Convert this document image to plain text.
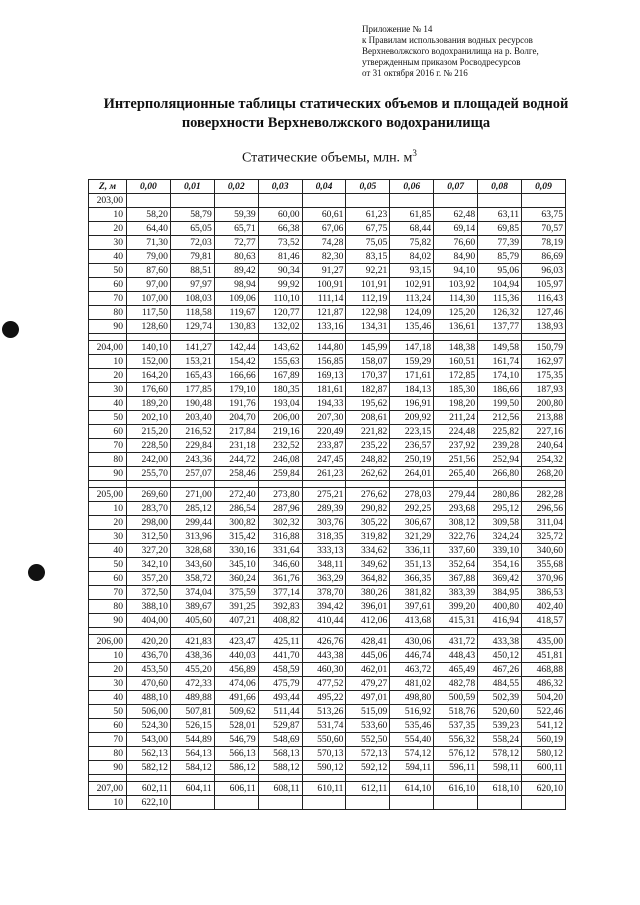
Приложение № 14
к Правилам использования водных ресурсов
Верхневолжского водохранилища на р. Волге,
утвержденным приказом Росводресурсов
от 31 октября 2016 г. № 216
Интерполяционные таблицы статических объемов и площадей водной
поверхности Верхневолжского водохранилища
Статические объемы, млн. $м^3$
Z, м	0,00	0,01	0,02	0,03	0,04	0,05	0,06	0,07	0,08	0,09
203,00										
10	58,20	58,79	59,39	60,00	60,61	61,23	61,85	62,48	63,11	63,75
20	64,40	65,05	65,71	66,38	67,06	67,75	68,44	69,14	69,85	70,57
30	71,30	72,03	72,77	73,52	74,28	75,05	75,82	76,60	77,39	78,19
40	79,00	79,81	80,63	81,46	82,30	83,15	84,02	84,90	85,79	86,69
50	87,60	88,51	89,42	90,34	91,27	92,21	93,15	94,10	95,06	96,03
60	97,00	97,97	98,94	99,92	100,91	101,91	102,91	103,92	104,94	105,97
70	107,00	108,03	109,06	110,10	111,14	112,19	113,24	114,30	115,36	116,43
80	117,50	118,58	119,67	120,77	121,87	122,98	124,09	125,20	126,32	127,46
90	128,60	129,74	130,83	132,02	133,16	134,31	135,46	136,61	137,77	138,93

204,00	140,10	141,27	142,44	143,62	144,80	145,99	147,18	148,38	149,58	150,79
10	152,00	153,21	154,42	155,63	156,85	158,07	159,29	160,51	161,74	162,97
20	164,20	165,43	166,66	167,89	169,13	170,37	171,61	172,85	174,10	175,35
30	176,60	177,85	179,10	180,35	181,61	182,87	184,13	185,30	186,66	187,93
40	189,20	190,48	191,76	193,04	194,33	195,62	196,91	198,20	199,50	200,80
50	202,10	203,40	204,70	206,00	207,30	208,61	209,92	211,24	212,56	213,88
60	215,20	216,52	217,84	219,16	220,49	221,82	223,15	224,48	225,82	227,16
70	228,50	229,84	231,18	232,52	233,87	235,22	236,57	237,92	239,28	240,64
80	242,00	243,36	244,72	246,08	247,45	248,82	250,19	251,56	252,94	254,32
90	255,70	257,07	258,46	259,84	261,23	262,62	264,01	265,40	266,80	268,20

205,00	269,60	271,00	272,40	273,80	275,21	276,62	278,03	279,44	280,86	282,28
10	283,70	285,12	286,54	287,96	289,39	290,82	292,25	293,68	295,12	296,56
20	298,00	299,44	300,82	302,32	303,76	305,22	306,67	308,12	309,58	311,04
30	312,50	313,96	315,42	316,88	318,35	319,82	321,29	322,76	324,24	325,72
40	327,20	328,68	330,16	331,64	333,13	334,62	336,11	337,60	339,10	340,60
50	342,10	343,60	345,10	346,60	348,11	349,62	351,13	352,64	354,16	355,68
60	357,20	358,72	360,24	361,76	363,29	364,82	366,35	367,88	369,42	370,96
70	372,50	374,04	375,59	377,14	378,70	380,26	381,82	383,39	384,95	386,53
80	388,10	389,67	391,25	392,83	394,42	396,01	397,61	399,20	400,80	402,40
90	404,00	405,60	407,21	408,82	410,44	412,06	413,68	415,31	416,94	418,57

206,00	420,20	421,83	423,47	425,11	426,76	428,41	430,06	431,72	433,38	435,00
10	436,70	438,36	440,03	441,70	443,38	445,06	446,74	448,43	450,12	451,81
20	453,50	455,20	456,89	458,59	460,30	462,01	463,72	465,49	467,26	468,88
30	470,60	472,33	474,06	475,79	477,52	479,27	481,02	482,78	484,55	486,32
40	488,10	489,88	491,66	493,44	495,22	497,01	498,80	500,59	502,39	504,20
50	506,00	507,81	509,62	511,44	513,26	515,09	516,92	518,76	520,60	522,46
60	524,30	526,15	528,01	529,87	531,74	533,60	535,46	537,35	539,23	541,12
70	543,00	544,89	546,79	548,69	550,60	552,50	554,40	556,32	558,24	560,19
80	562,13	564,13	566,13	568,13	570,13	572,13	574,12	576,12	578,12	580,12
90	582,12	584,12	586,12	588,12	590,12	592,12	594,11	596,11	598,11	600,11

207,00	602,11	604,11	606,11	608,11	610,11	612,11	614,10	616,10	618,10	620,10
10	622,10									
